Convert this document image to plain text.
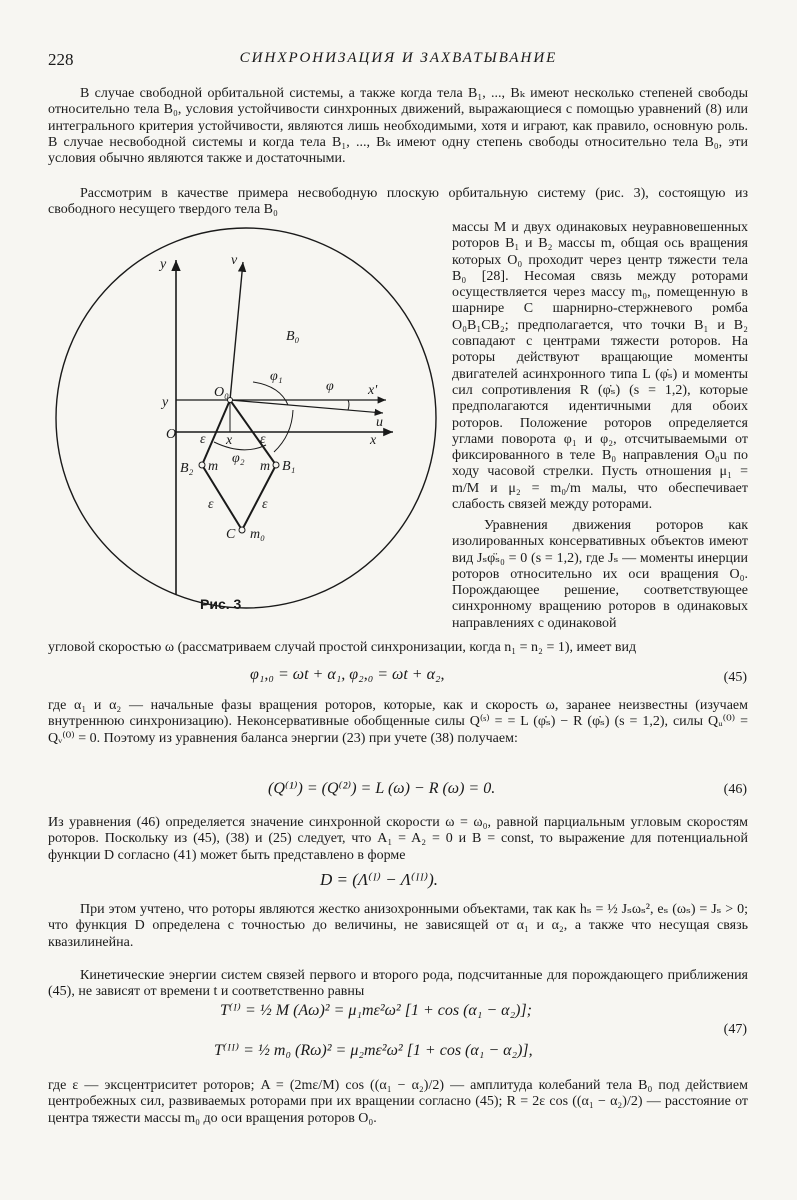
228	СИНХРОНИЗАЦИЯ И ЗАХВАТЫВАНИЕ
В случае свободной орбитальной системы, а также когда тела B₁, ..., Bₖ имеют несколько степеней свободы относительно тела B₀, условия устойчивости синхронных движений, выражающиеся с помощью уравнений (8) или интегрального критерия устойчивости, являются лишь необходимыми, хотя и играют, как правило, основную роль. В случае несвободной системы и когда тела B₁, ..., Bₖ имеют одну степень свободы относительно тела B₀, эти условия обычно являются также и достаточными.
Рассмотрим в качестве примера несвободную плоскую орбитальную систему (рис. 3), состоящую из свободного несущего твердого тела B₀
массы M и двух одинаковых неуравновешенных роторов B₁ и B₂ массы m, общая ось вращения которых O₀ проходит через центр тяжести тела B₀ [28]. Несомая связь между роторами осуществляется через массу m₀, помещенную в шарнире C шарнирно-стержневого ромба O₀B₁CB₂; предполагается, что точки B₁ и B₂ совпадают с центрами тяжести роторов. На роторы действуют вращающие моменты двигателей асинхронного типа L (φ̇ₛ) и моменты сил сопротивления R (φ̇ₛ) (s = 1,2), которые предполагаются идентичными для обоих роторов. Положение роторов определяется углами поворота φ₁ и φ₂, отсчитываемыми от фиксированного в теле B₀ направления O₀u по ходу часовой стрелки. Пусть отношения μ₁ = m/M и μ₂ = m₀/m малы, что обеспечивает слабость связей между роторами.
Уравнения движения роторов как изолированных консервативных объектов имеют вид Jₛφ̈ₛ₀ = 0 (s = 1,2), где Jₛ — моменты инерции роторов относительно их оси вращения O₀. Порождающее решение, соответствующее синхронному вращению роторов в одинаковых направлениях с одинаковой
угловой скоростью ω (рассматриваем случай простой синхронизации, когда n₁ = n₂ = 1), имеет вид
φ₁,₀ = ωt + α₁, φ₂,₀ = ωt + α₂,	(45)
где α₁ и α₂ — начальные фазы вращения роторов, которые, как и скорость ω, заранее неизвестны (изучаем внутреннюю синхронизацию). Неконсервативные обобщенные силы Q⁽ˢ⁾ = = L (φ̇ₛ) − R (φ̇ₛ) (s = 1,2), силы Qᵤ⁽⁰⁾ = Qᵥ⁽⁰⁾ = 0. Поэтому из уравнения баланса энергии (23) при учете (38) получаем:
(Q⁽¹⁾) = (Q⁽²⁾) = L (ω) − R (ω) = 0.	(46)
Из уравнения (46) определяется значение синхронной скорости ω = ω₀, равной парциальным угловым скоростям роторов. Поскольку из (45), (38) и (25) следует, что A₁ = A₂ = 0 и B = const, то выражение для потенциальной функции D согласно (41) может быть представлено в форме
D = (Λ⁽ᴵ⁾ − Λ⁽ᴵᴵ⁾).
При этом учтено, что роторы являются жестко анизохронными объектами, так как hₛ = ½ Jₛωₛ², eₛ (ωₛ) = Jₛ > 0; что функция D определена с точностью до величины, не зависящей от α₁ и α₂, а также что несущая связь квазилинейна.
Кинетические энергии систем связей первого и второго рода, подсчитанные для порождающего приближения (45), не зависят от времени t и соответственно равны
T⁽ᴵ⁾ = ½ M (Aω)² = μ₁mε²ω² [1 + cos (α₁ − α₂)];
T⁽ᴵᴵ⁾ = ½ m₀ (Rω)² = μ₂mε²ω² [1 + cos (α₁ − α₂)],
(47)
где ε — эксцентриситет роторов; A = (2mε/M) cos ((α₁ − α₂)/2) — амплитуда колебаний тела B₀ под действием центробежных сил, развиваемых роторами при их вращении согласно (45); R = 2ε cos ((α₁ − α₂)/2) — расстояние от центра тяжести массы m₀ до оси вращения роторов O₀.
y	v
B₀
O₀
φ₁
φ x'
u
y
O	x
x
ε	ε
φ₂
B₂ m	m B₁
ε	ε
C m₀
Рис. 3
